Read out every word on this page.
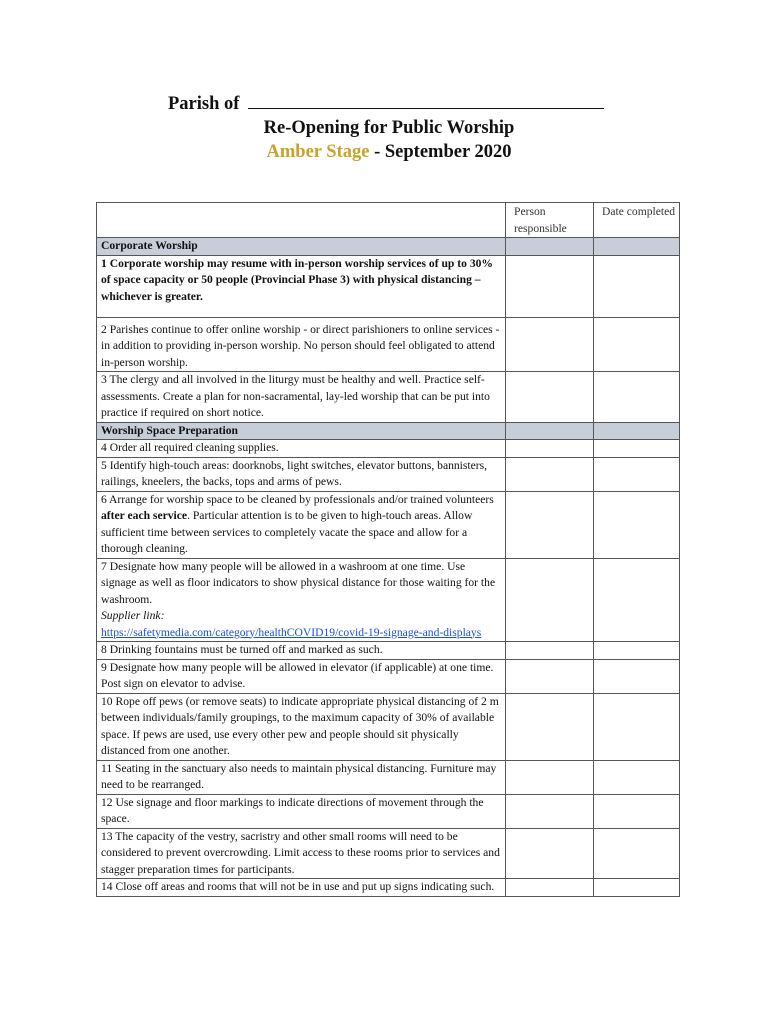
Parish of
Re-Opening for Public Worship
Amber Stage - September 2020
	Person responsible	Date completed
Corporate Worship		
1 Corporate worship may resume with in-person worship services of up to 30% of space capacity or 50 people (Provincial Phase 3) with physical distancing – whichever is greater.		
2 Parishes continue to offer online worship - or direct parishioners to online services - in addition to providing in-person worship. No person should feel obligated to attend in-person worship.		
3 The clergy and all involved in the liturgy must be healthy and well. Practice self-assessments. Create a plan for non-sacramental, lay-led worship that can be put into practice if required on short notice.		
Worship Space Preparation		
4 Order all required cleaning supplies.		
5 Identify high-touch areas: doorknobs, light switches, elevator buttons, bannisters, railings, kneelers, the backs, tops and arms of pews.		
6 Arrange for worship space to be cleaned by professionals and/or trained volunteers after each service. Particular attention is to be given to high-touch areas. Allow sufficient time between services to completely vacate the space and allow for a thorough cleaning.		
7 Designate how many people will be allowed in a washroom at one time. Use signage as well as floor indicators to show physical distance for those waiting for the washroom.
Supplier link:
https://safetymedia.com/category/healthCOVID19/covid-19-signage-and-displays		
8 Drinking fountains must be turned off and marked as such.		
9 Designate how many people will be allowed in elevator (if applicable) at one time. Post sign on elevator to advise.		
10 Rope off pews (or remove seats) to indicate appropriate physical distancing of 2 m between individuals/family groupings, to the maximum capacity of 30% of available space. If pews are used, use every other pew and people should sit physically distanced from one another.		
11 Seating in the sanctuary also needs to maintain physical distancing. Furniture may need to be rearranged.		
12 Use signage and floor markings to indicate directions of movement through the space.		
13 The capacity of the vestry, sacristry and other small rooms will need to be considered to prevent overcrowding. Limit access to these rooms prior to services and stagger preparation times for participants.		
14 Close off areas and rooms that will not be in use and put up signs indicating such.		
